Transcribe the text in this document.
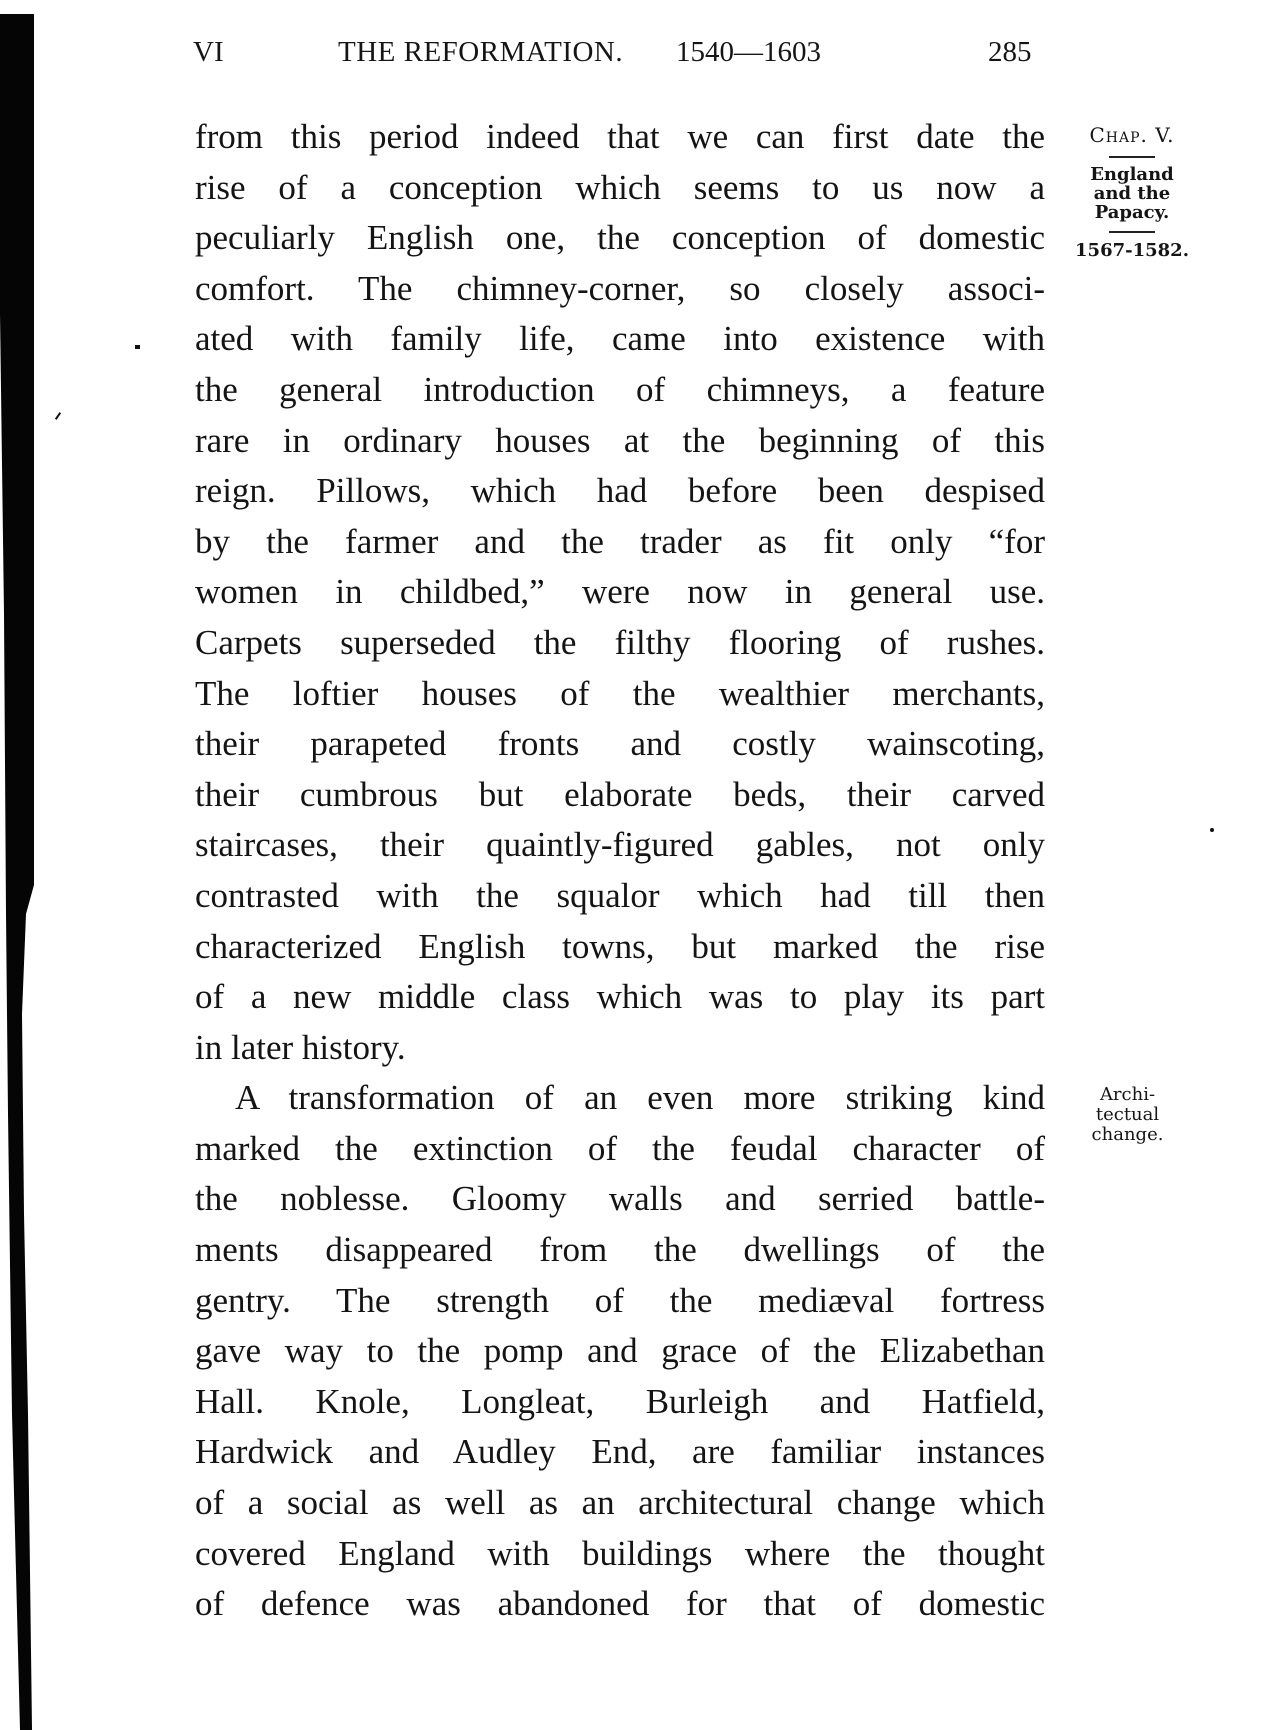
VI	THE REFORMATION. 1540—1603	285
from this period indeed that we can first date the
rise of a conception which seems to us now a
peculiarly English one, the conception of domestic
comfort. The chimney-corner, so closely associ-
ated with family life, came into existence with
the general introduction of chimneys, a feature
rare in ordinary houses at the beginning of this
reign. Pillows, which had before been despised
by the farmer and the trader as fit only “for
women in childbed,” were now in general use.
Carpets superseded the filthy flooring of rushes.
The loftier houses of the wealthier merchants,
their parapeted fronts and costly wainscoting,
their cumbrous but elaborate beds, their carved
staircases, their quaintly-figured gables, not only
contrasted with the squalor which had till then
characterized English towns, but marked the rise
of a new middle class which was to play its part
in later history.
A transformation of an even more striking kind
marked the extinction of the feudal character of
the noblesse. Gloomy walls and serried battle-
ments disappeared from the dwellings of the
gentry. The strength of the mediæval fortress
gave way to the pomp and grace of the Elizabethan
Hall. Knole, Longleat, Burleigh and Hatfield,
Hardwick and Audley End, are familiar instances
of a social as well as an architectural change which
covered England with buildings where the thought
of defence was abandoned for that of domestic
Chap. V.
England
and the
Papacy.
1567-1582.
Archi-
tectual
change.
